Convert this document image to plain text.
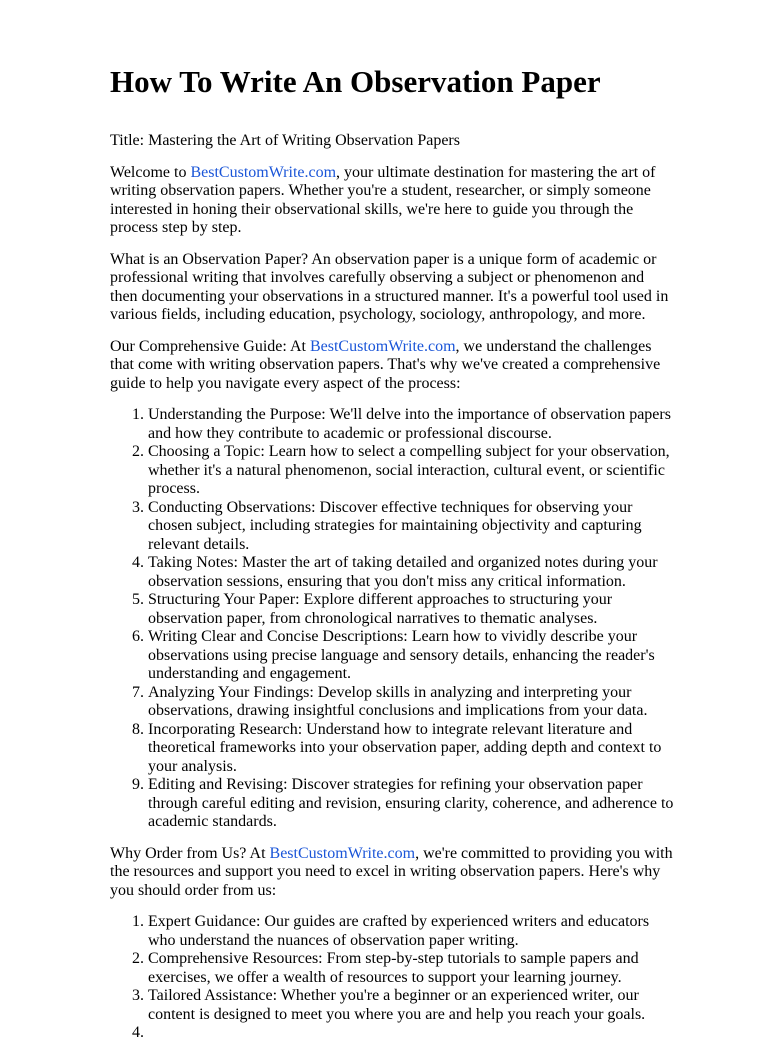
How To Write An Observation Paper

Title: Mastering the Art of Writing Observation Papers

Welcome to BestCustomWrite.com, your ultimate destination for mastering the art of writing observation papers. Whether you're a student, researcher, or simply someone interested in honing their observational skills, we're here to guide you through the process step by step.

What is an Observation Paper? An observation paper is a unique form of academic or professional writing that involves carefully observing a subject or phenomenon and then documenting your observations in a structured manner. It's a powerful tool used in various fields, including education, psychology, sociology, anthropology, and more.

Our Comprehensive Guide: At BestCustomWrite.com, we understand the challenges that come with writing observation papers. That's why we've created a comprehensive guide to help you navigate every aspect of the process:

1. Understanding the Purpose: We'll delve into the importance of observation papers and how they contribute to academic or professional discourse.
2. Choosing a Topic: Learn how to select a compelling subject for your observation, whether it's a natural phenomenon, social interaction, cultural event, or scientific process.
3. Conducting Observations: Discover effective techniques for observing your chosen subject, including strategies for maintaining objectivity and capturing relevant details.
4. Taking Notes: Master the art of taking detailed and organized notes during your observation sessions, ensuring that you don't miss any critical information.
5. Structuring Your Paper: Explore different approaches to structuring your observation paper, from chronological narratives to thematic analyses.
6. Writing Clear and Concise Descriptions: Learn how to vividly describe your observations using precise language and sensory details, enhancing the reader's understanding and engagement.
7. Analyzing Your Findings: Develop skills in analyzing and interpreting your observations, drawing insightful conclusions and implications from your data.
8. Incorporating Research: Understand how to integrate relevant literature and theoretical frameworks into your observation paper, adding depth and context to your analysis.
9. Editing and Revising: Discover strategies for refining your observation paper through careful editing and revision, ensuring clarity, coherence, and adherence to academic standards.

Why Order from Us? At BestCustomWrite.com, we're committed to providing you with the resources and support you need to excel in writing observation papers. Here's why you should order from us:

1. Expert Guidance: Our guides are crafted by experienced writers and educators who understand the nuances of observation paper writing.
2. Comprehensive Resources: From step-by-step tutorials to sample papers and exercises, we offer a wealth of resources to support your learning journey.
3. Tailored Assistance: Whether you're a beginner or an experienced writer, our content is designed to meet you where you are and help you reach your goals.
4.
